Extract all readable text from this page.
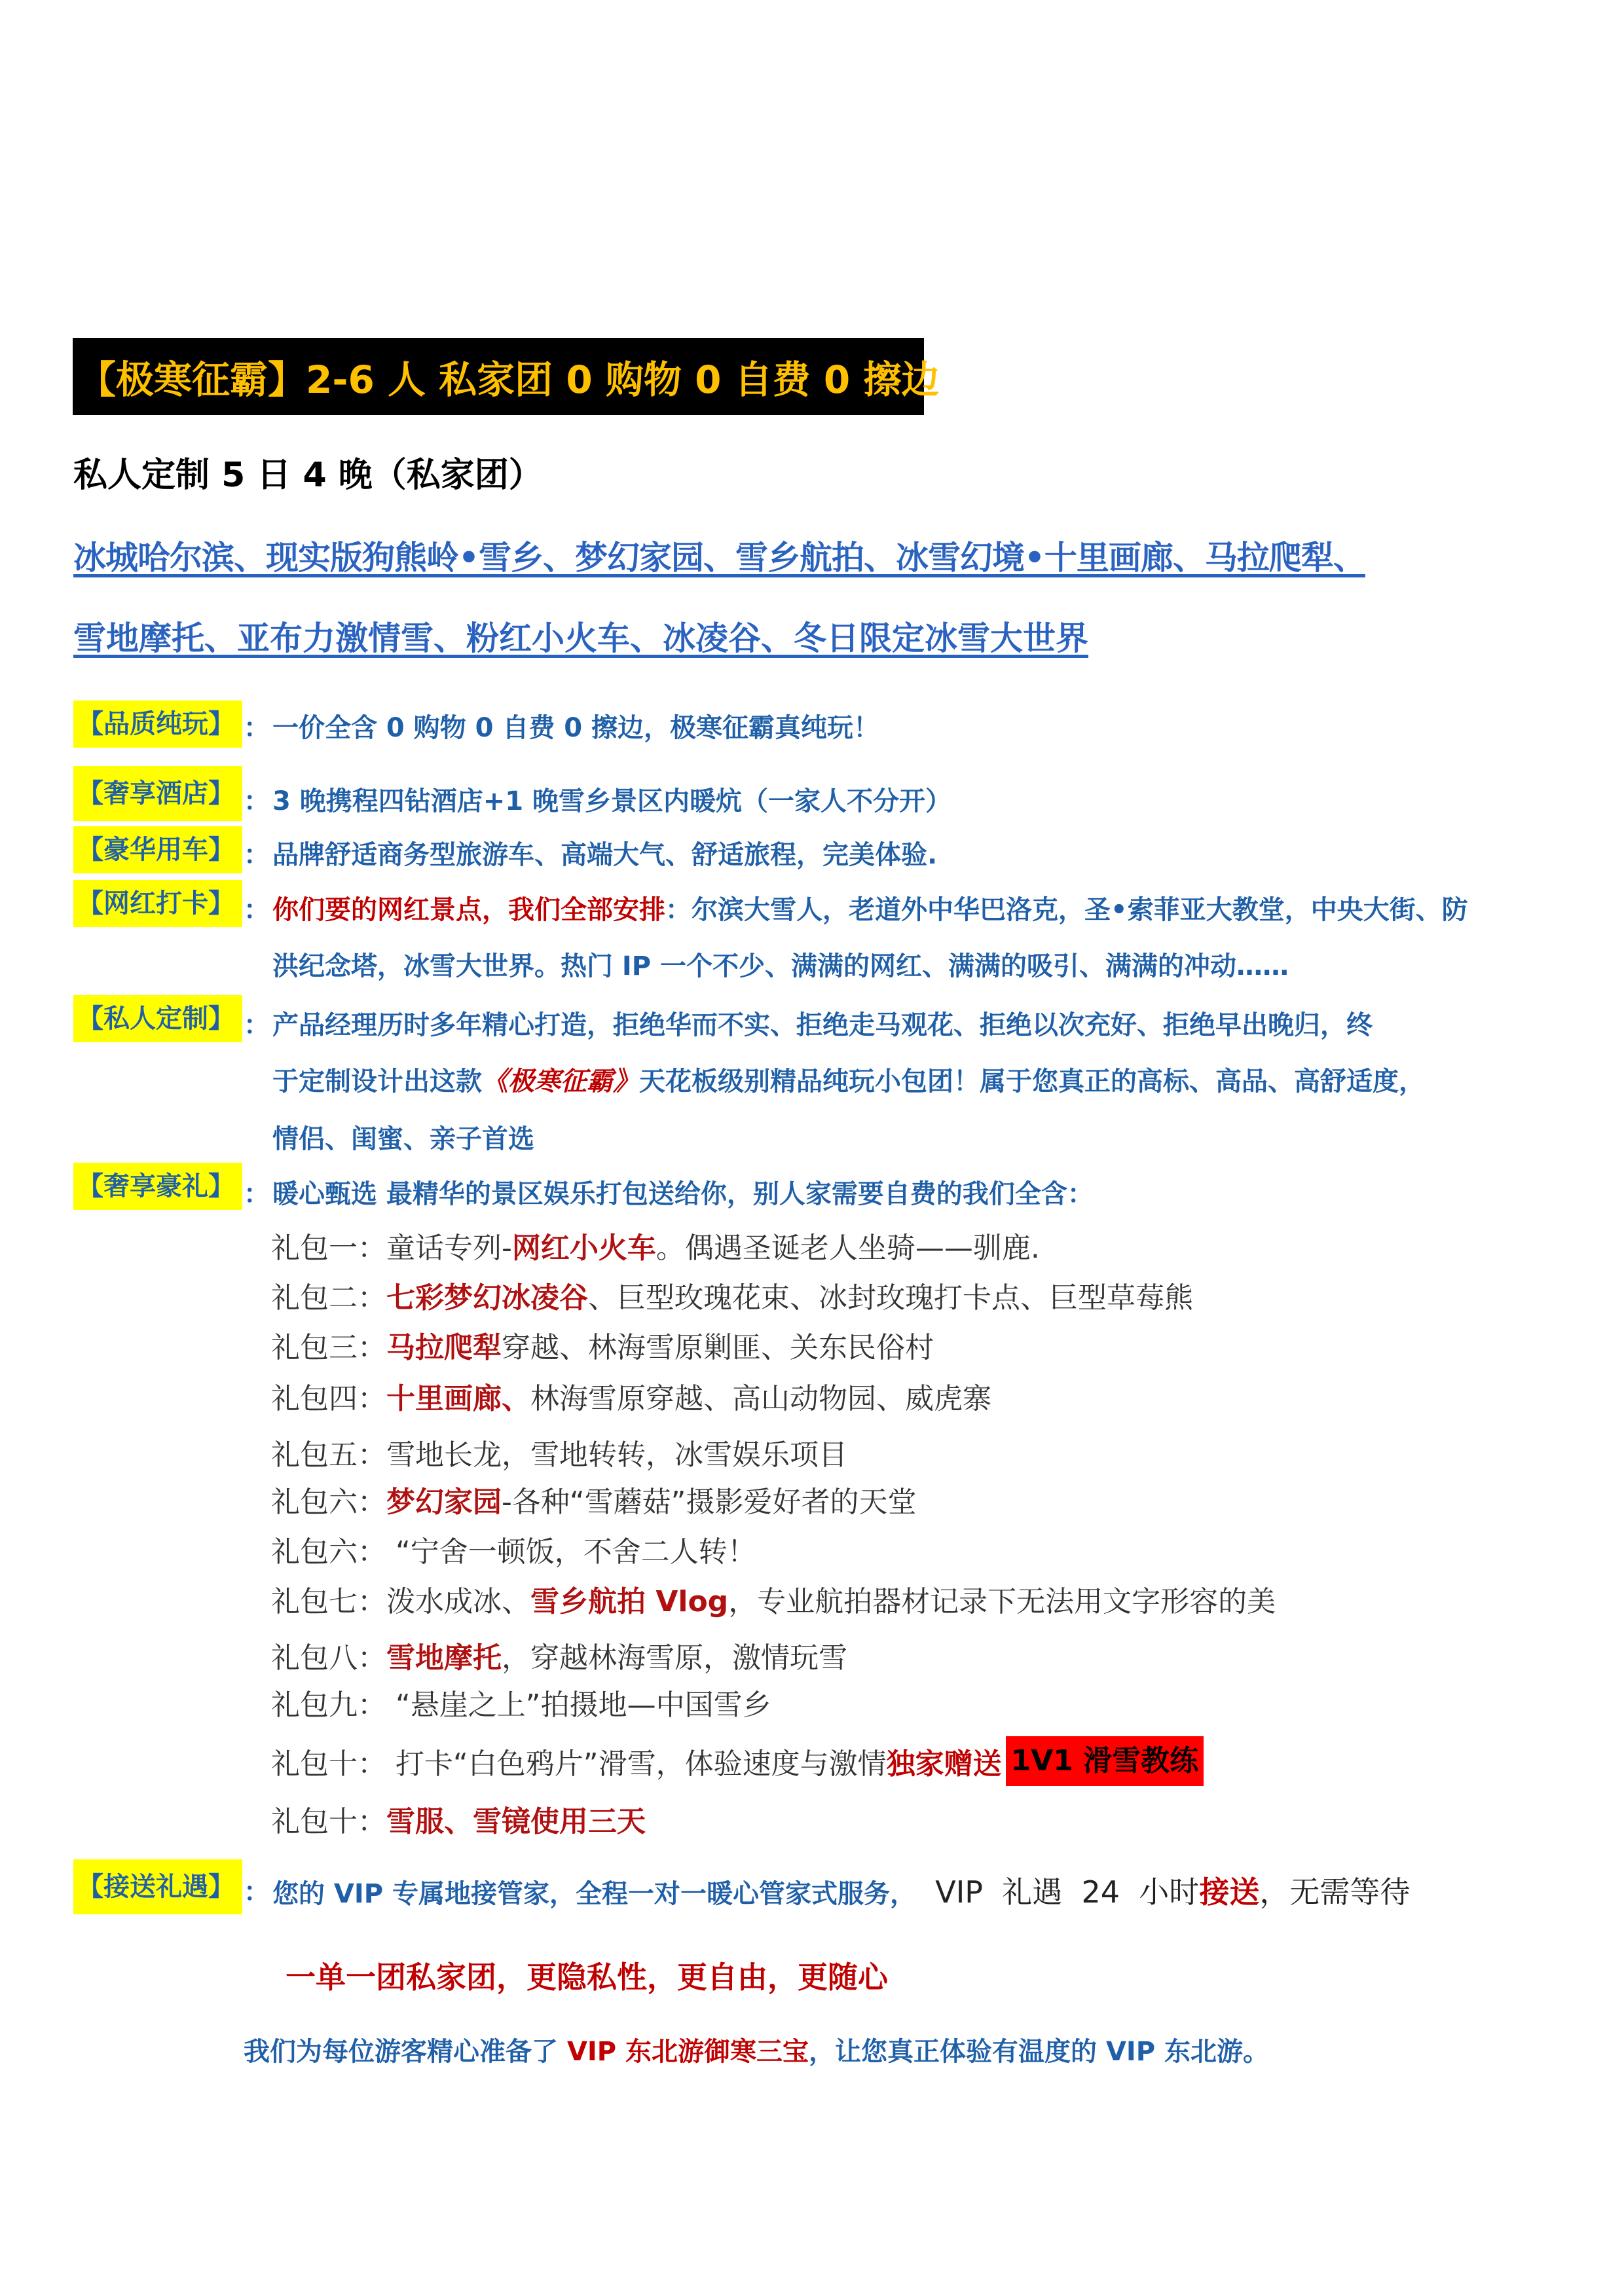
【极寒征霸】 2-6 人 私家团 0 购物 0 自费 0 擦边
私人定制 5 日 4 晚（私家团）
冰城哈尔滨、现实版狗熊岭•雪乡、梦幻家园、雪乡航拍、冰雪幻境•十里画廊、马拉爬犁、
雪地摩托、亚布力激情雪、粉红小火车、冰凌谷、冬日限定冰雪大世界
【品质纯玩】 ： 一价全含 0 购物 0 自费 0 擦边，极寒征霸真纯玩！
【奢享酒店】 ： 3 晚携程四钻酒店+1 晚雪乡景区内暖炕（一家人不分开）
【豪华用车】 ： 品牌舒适商务型旅游车、高端大气、舒适旅程，完美体验.
【网红打卡】 ： 你们要的网红景点，我们全部安排：尔滨大雪人，老道外中华巴洛克，圣•索菲亚大教堂，中央大街、防
洪纪念塔，冰雪大世界。热门 IP 一个不少、满满的网红、满满的吸引、满满的冲动……
【私人定制】 ： 产品经理历时多年精心打造，拒绝华而不实、拒绝走马观花、拒绝以次充好、拒绝早出晚归，终
于定制设计出这款《极寒征霸》天花板级别精品纯玩小包团！属于您真正的高标、高品、高舒适度，
情侣、闺蜜、亲子首选
【奢享豪礼】 ： 暖心甄选 最精华的景区娱乐打包送给你，别人家需要自费的我们全含：
礼包一：童话专列-网红小火车。偶遇圣诞老人坐骑——驯鹿.
礼包二：七彩梦幻冰凌谷、巨型玫瑰花束、冰封玫瑰打卡点、巨型草莓熊
礼包三：马拉爬犁穿越、林海雪原剿匪、关东民俗村
礼包四：十里画廊、林海雪原穿越、高山动物园、威虎寨
礼包五：雪地长龙，雪地转转，冰雪娱乐项目
礼包六：梦幻家园-各种“雪蘑菇”摄影爱好者的天堂
礼包六： “宁舍一顿饭，不舍二人转！
礼包七：泼水成冰、雪乡航拍 Vlog，专业航拍器材记录下无法用文字形容的美
礼包八：雪地摩托，穿越林海雪原，激情玩雪
礼包九： “悬崖之上”拍摄地—中国雪乡
礼包十： 打卡“白色鸦片”滑雪，体验速度与激情 独家赠送 1V1 滑雪教练
礼包十：雪服、雪镜使用三天
【接送礼遇】 ： 您的 VIP 专属地接管家，全程一对一暖心管家式服务， VIP  礼遇  24  小时 接送 ，无需等待
一单一团私家团，更隐私性，更自由，更随心
我们为每位游客精心准备了 VIP 东北游御寒三宝，让您真正体验有温度的 VIP 东北游。
